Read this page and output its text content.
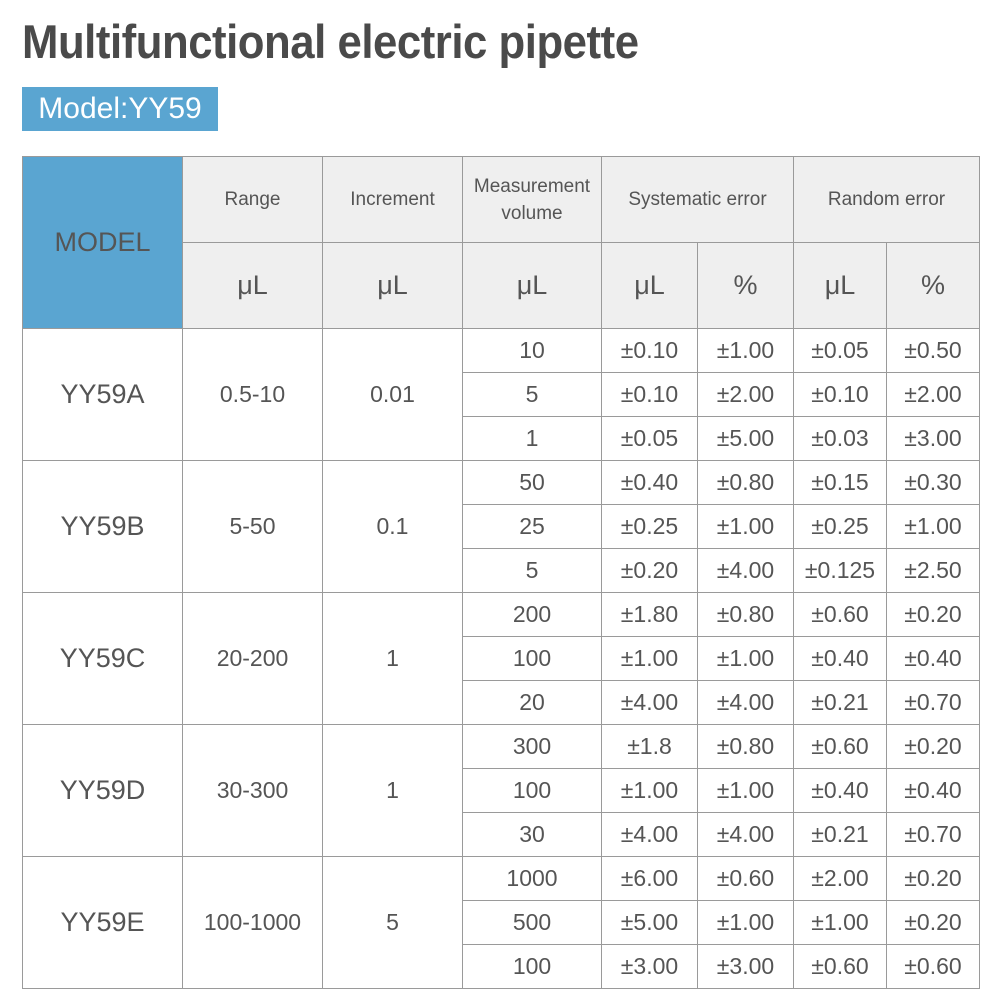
Multifunctional electric pipette
Model:YY59
MODEL	Range	Increment	Measurement volume	Systematic error		Random error	
	μL	μL	μL	μL	%	μL	%
YY59A	0.5-10	0.01	10	±0.10	±1.00	±0.05	±0.50
			5	±0.10	±2.00	±0.10	±2.00
			1	±0.05	±5.00	±0.03	±3.00
YY59B	5-50	0.1	50	±0.40	±0.80	±0.15	±0.30
			25	±0.25	±1.00	±0.25	±1.00
			5	±0.20	±4.00	±0.125	±2.50
YY59C	20-200	1	200	±1.80	±0.80	±0.60	±0.20
			100	±1.00	±1.00	±0.40	±0.40
			20	±4.00	±4.00	±0.21	±0.70
YY59D	30-300	1	300	±1.8	±0.80	±0.60	±0.20
			100	±1.00	±1.00	±0.40	±0.40
			30	±4.00	±4.00	±0.21	±0.70
YY59E	100-1000	5	1000	±6.00	±0.60	±2.00	±0.20
			500	±5.00	±1.00	±1.00	±0.20
			100	±3.00	±3.00	±0.60	±0.60
